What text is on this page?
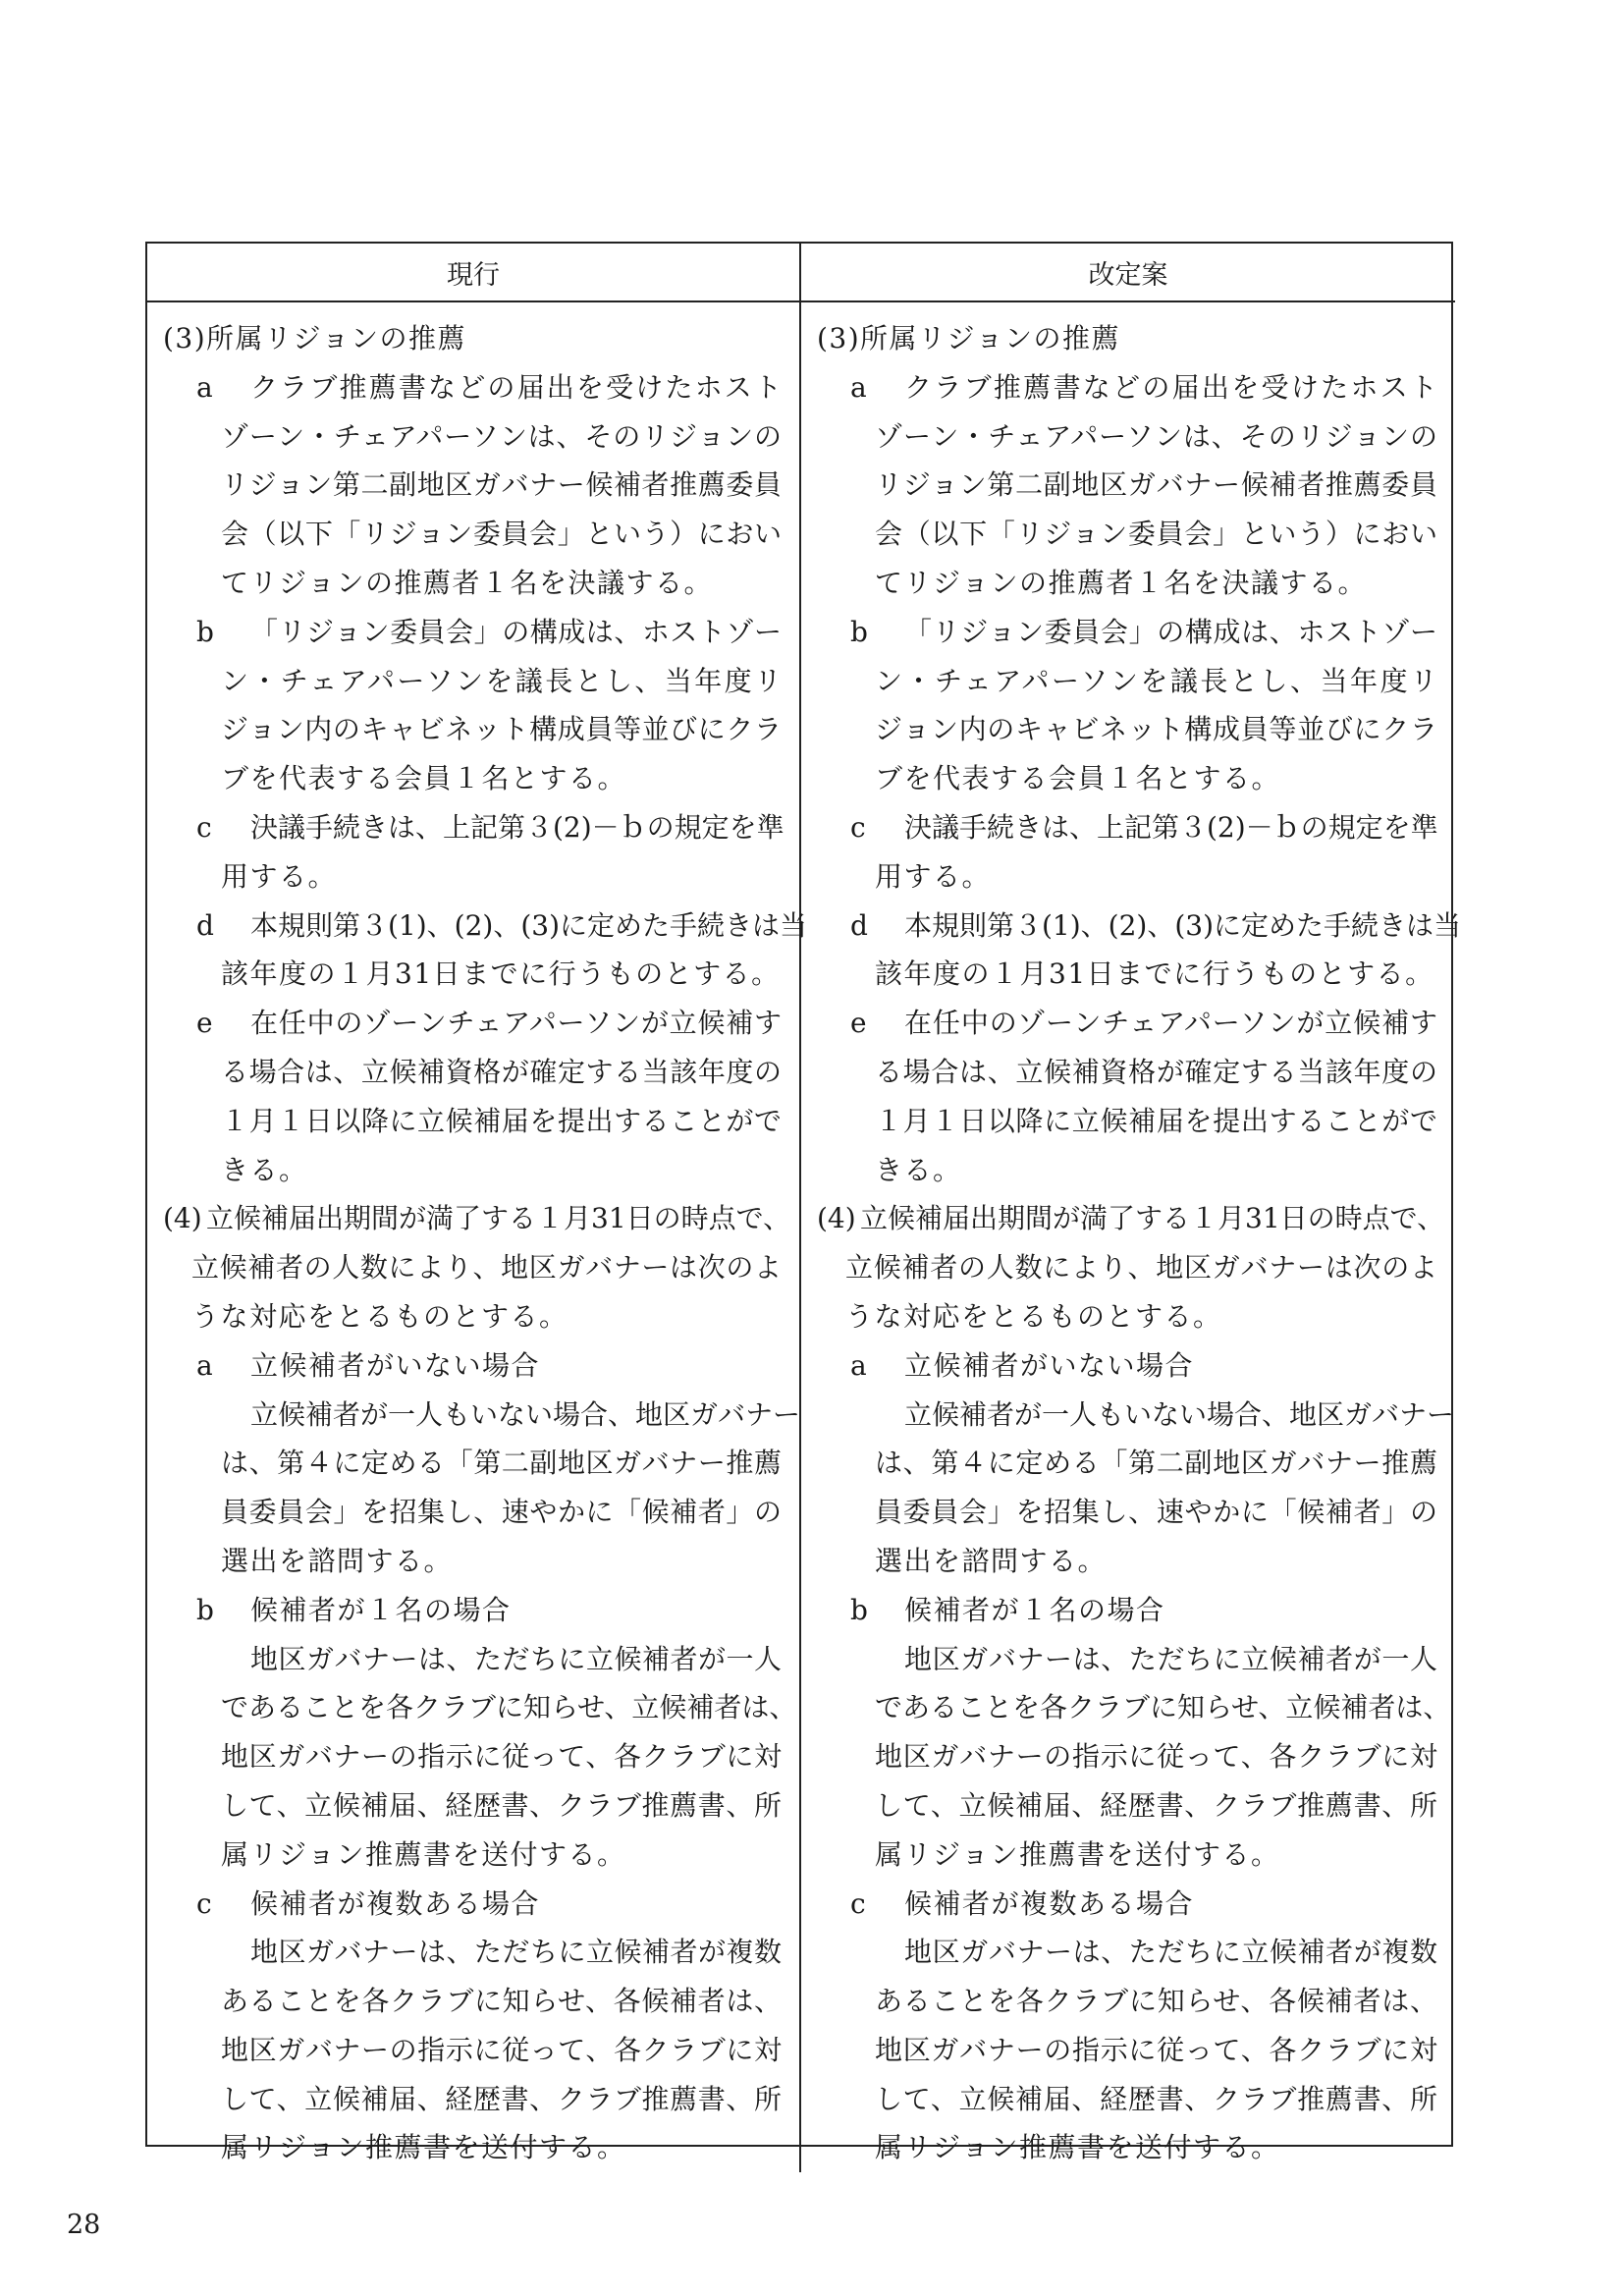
現行	改定案
(3) 所属リジョンの推薦
a クラブ推薦書などの届出を受けたホスト
ゾーン・チェアパーソンは、そのリジョンの
リジョン第二副地区ガバナー候補者推薦委員
会（以下「リジョン委員会」という）におい
てリジョンの推薦者１名を決議する。
b 「リジョン委員会」の構成は、ホストゾー
ン・チェアパーソンを議長とし、当年度リ
ジョン内のキャビネット構成員等並びにクラ
ブを代表する会員１名とする。
c 決議手続きは、上記第３(2)－ｂの規定を準
用する。
d 本規則第３(1)、(2)、(3)に定めた手続きは当
該年度の１月31日までに行うものとする。
e 在任中のゾーンチェアパーソンが立候補す
る場合は、立候補資格が確定する当該年度の
１月１日以降に立候補届を提出することがで
きる。
(4) 立候補届出期間が満了する１月31日の時点で、
立候補者の人数により、地区ガバナーは次のよ
うな対応をとるものとする。
a 立候補者がいない場合
立候補者が一人もいない場合、地区ガバナー
は、第４に定める「第二副地区ガバナー推薦
員委員会」を招集し、速やかに「候補者」の
選出を諮問する。
b 候補者が１名の場合
地区ガバナーは、ただちに立候補者が一人
であることを各クラブに知らせ、立候補者は、
地区ガバナーの指示に従って、各クラブに対
して、立候補届、経歴書、クラブ推薦書、所
属リジョン推薦書を送付する。
c 候補者が複数ある場合
地区ガバナーは、ただちに立候補者が複数
あることを各クラブに知らせ、各候補者は、
地区ガバナーの指示に従って、各クラブに対
して、立候補届、経歴書、クラブ推薦書、所
属リジョン推薦書を送付する。
(3) 所属リジョンの推薦
a クラブ推薦書などの届出を受けたホスト
ゾーン・チェアパーソンは、そのリジョンの
リジョン第二副地区ガバナー候補者推薦委員
会（以下「リジョン委員会」という）におい
てリジョンの推薦者１名を決議する。
b 「リジョン委員会」の構成は、ホストゾー
ン・チェアパーソンを議長とし、当年度リ
ジョン内のキャビネット構成員等並びにクラ
ブを代表する会員１名とする。
c 決議手続きは、上記第３(2)－ｂの規定を準
用する。
d 本規則第３(1)、(2)、(3)に定めた手続きは当
該年度の１月31日までに行うものとする。
e 在任中のゾーンチェアパーソンが立候補す
る場合は、立候補資格が確定する当該年度の
１月１日以降に立候補届を提出することがで
きる。
(4) 立候補届出期間が満了する１月31日の時点で、
立候補者の人数により、地区ガバナーは次のよ
うな対応をとるものとする。
a 立候補者がいない場合
立候補者が一人もいない場合、地区ガバナー
は、第４に定める「第二副地区ガバナー推薦
員委員会」を招集し、速やかに「候補者」の
選出を諮問する。
b 候補者が１名の場合
地区ガバナーは、ただちに立候補者が一人
であることを各クラブに知らせ、立候補者は、
地区ガバナーの指示に従って、各クラブに対
して、立候補届、経歴書、クラブ推薦書、所
属リジョン推薦書を送付する。
c 候補者が複数ある場合
地区ガバナーは、ただちに立候補者が複数
あることを各クラブに知らせ、各候補者は、
地区ガバナーの指示に従って、各クラブに対
して、立候補届、経歴書、クラブ推薦書、所
属リジョン推薦書を送付する。
28
